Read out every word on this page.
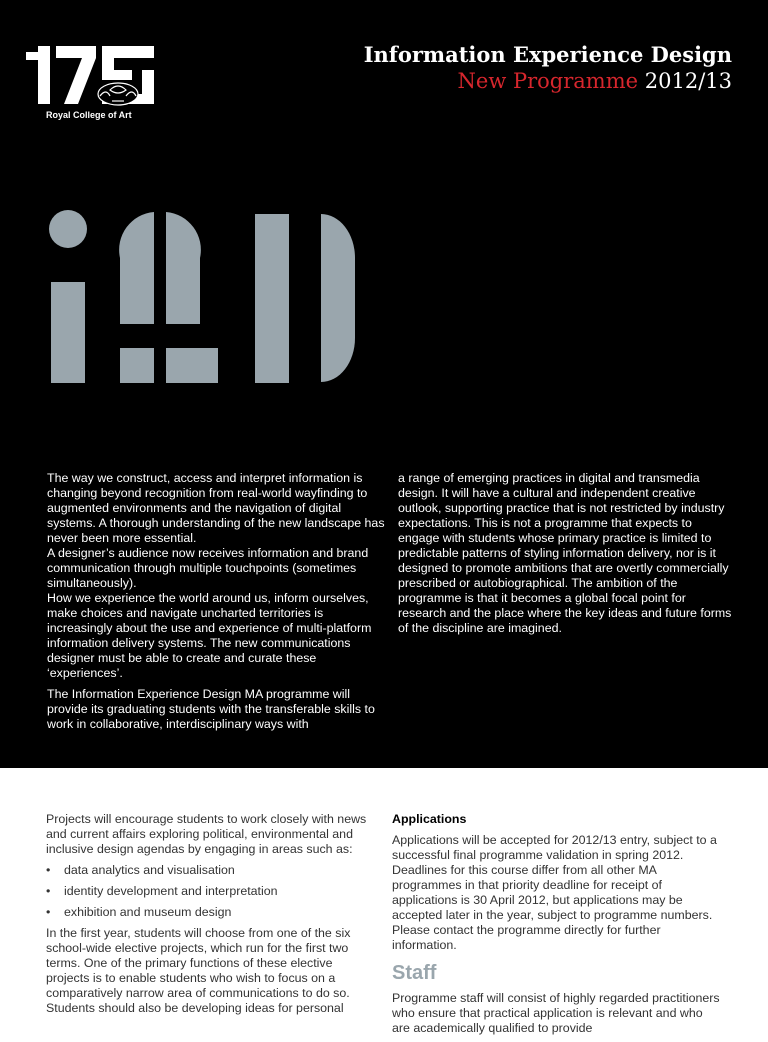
Royal College of Art
Information Experience Design
New Programme 2012/13

The way we construct, access and interpret information is changing beyond recognition from real-world wayfinding to augmented environments and the navigation of digital systems. A thorough understanding of the new landscape has never been more essential.

A designer’s audience now receives information and brand communication through multiple touchpoints (sometimes simultaneously).

How we experience the world around us, inform ourselves, make choices and navigate uncharted territories is increasingly about the use and experience of multi-platform information delivery systems. The new communications designer must be able to create and curate these ‘experiences’.

The Information Experience Design MA programme will provide its graduating students with the transferable skills to work in collaborative, interdisciplinary ways with

a range of emerging practices in digital and transmedia design. It will have a cultural and independent creative outlook, supporting practice that is not restricted by industry expectations. This is not a programme that expects to engage with students whose primary practice is limited to predictable patterns of styling information delivery, nor is it designed to promote ambitions that are overtly commercially prescribed or autobiographical. The ambition of the programme is that it becomes a global focal point for research and the place where the key ideas and future forms of the discipline are imagined.

Projects will encourage students to work closely with news and current affairs exploring political, environmental and inclusive design agendas by engaging in areas such as:

• data analytics and visualisation
• identity development and interpretation
• exhibition and museum design

In the first year, students will choose from one of the six school-wide elective projects, which run for the first two terms. One of the primary functions of these elective projects is to enable students who wish to focus on a comparatively narrow area of communications to do so. Students should also be developing ideas for personal

Applications

Applications will be accepted for 2012/13 entry, subject to a successful final programme validation in spring 2012. Deadlines for this course differ from all other MA programmes in that priority deadline for receipt of applications is 30 April 2012, but applications may be accepted later in the year, subject to programme numbers. Please contact the programme directly for further information.

Staff

Programme staff will consist of highly regarded practitioners who ensure that practical application is relevant and who are academically qualified to provide
